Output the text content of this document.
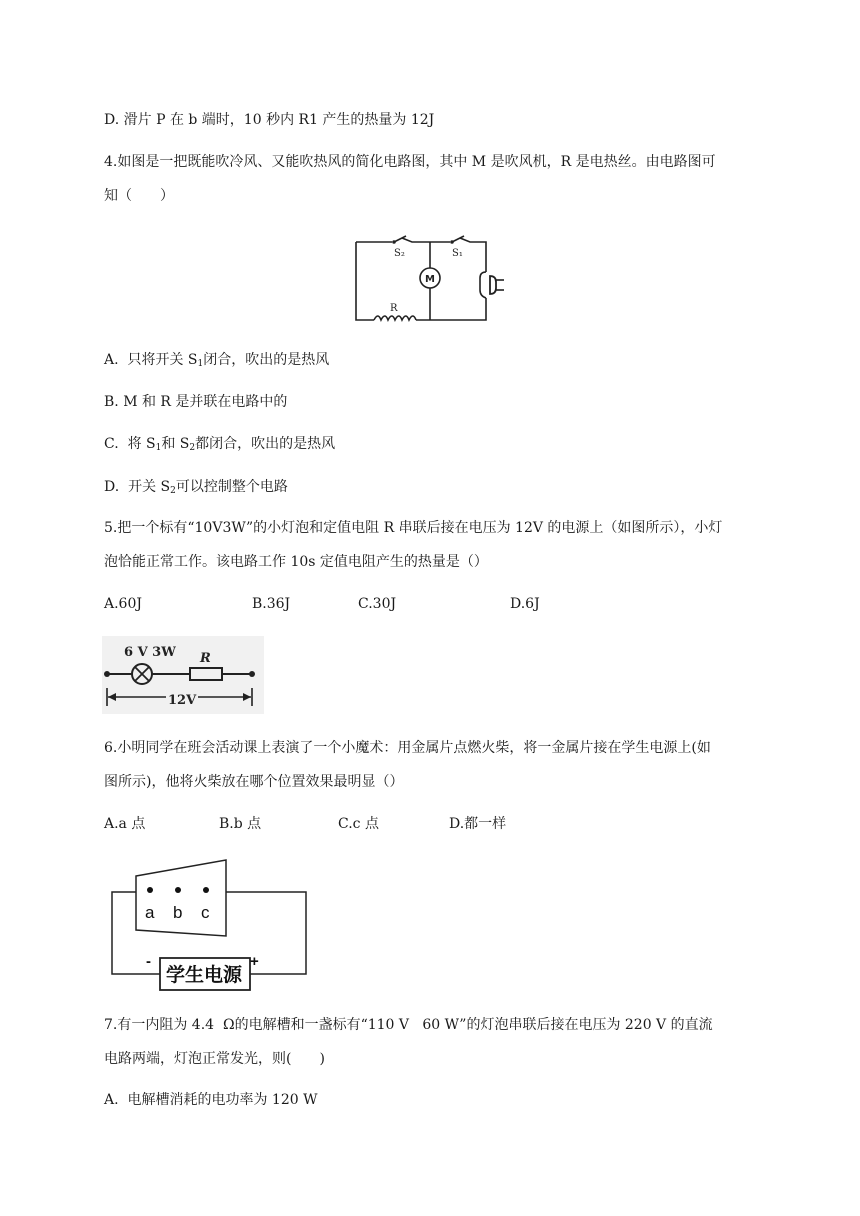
D. 滑片 P 在 b 端时，10 秒内 R1 产生的热量为 12J
4.如图是一把既能吹冷风、又能吹热风的简化电路图，其中 M 是吹风机，R 是电热丝。由电路图可
知（　　）
S₂	S₁
M
R
A.  只将开关 $S_1$闭合，吹出的是热风
B. M 和 R 是并联在电路中的
C.  将 $S_1$和 $S_2$都闭合，吹出的是热风
D.  开关 $S_2$可以控制整个电路
5.把一个标有“10V3W”的小灯泡和定值电阻 R 串联后接在电压为 12V 的电源上（如图所示），小灯
泡恰能正常工作。该电路工作 10s 定值电阻产生的热量是（）
A.60J	B.36J	C.30J	D.6J
6 V 3W R
12V
6.小明同学在班会活动课上表演了一个小魔术：用金属片点燃火柴，将一金属片接在学生电源上(如
图所示)，他将火柴放在哪个位置效果最明显（）
A.a 点	B.b 点	C.c 点	D.都一样
a b c
-	+
学生电源
7.有一内阻为 4.4  Ω的电解槽和一盏标有“110 V   60 W”的灯泡串联后接在电压为 220 V 的直流
电路两端，灯泡正常发光，则(　　)
A.  电解槽消耗的电功率为 120 W
